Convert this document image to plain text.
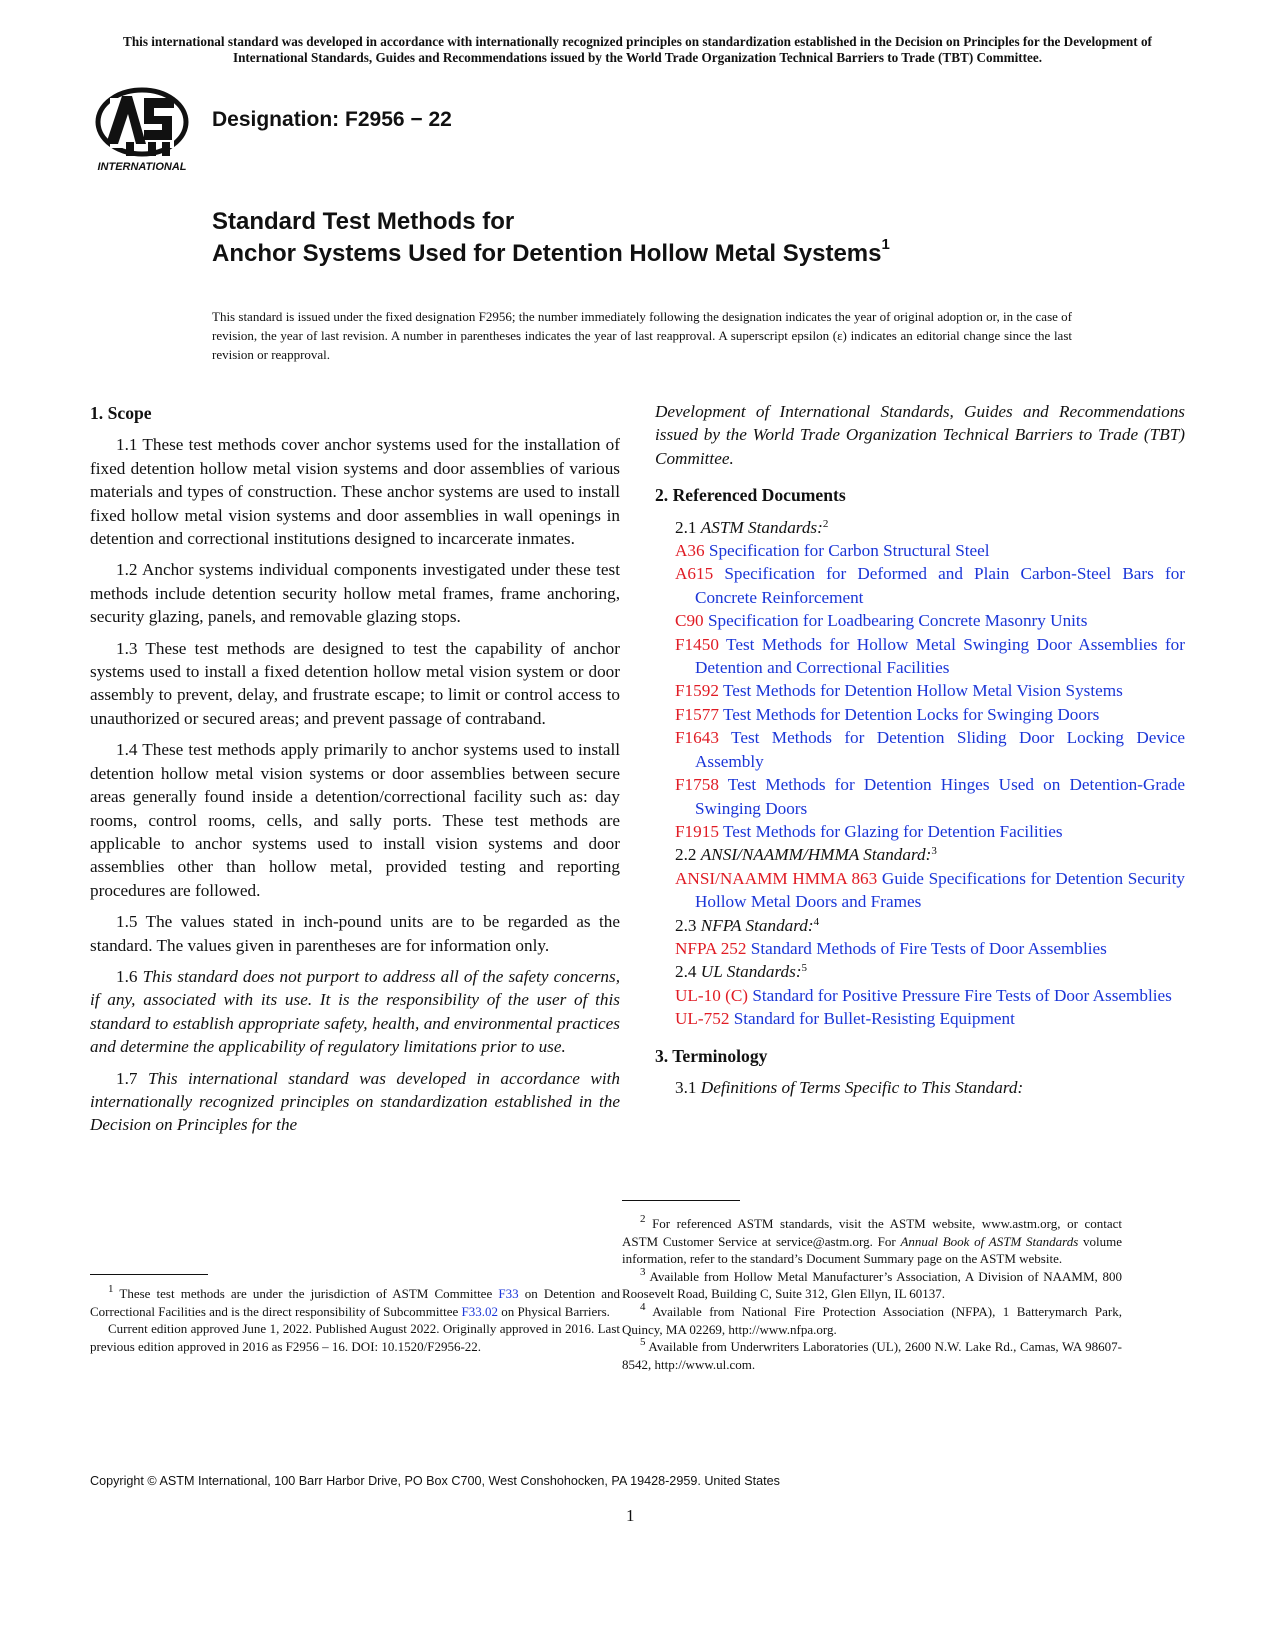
This international standard was developed in accordance with internationally recognized principles on standardization established in the Decision on Principles for the Development of International Standards, Guides and Recommendations issued by the World Trade Organization Technical Barriers to Trade (TBT) Committee.
INTERNATIONAL
Designation: F2956 − 22
Standard Test Methods for
Anchor Systems Used for Detention Hollow Metal Systems$^1$
This standard is issued under the fixed designation F2956; the number immediately following the designation indicates the year of original adoption or, in the case of revision, the year of last revision. A number in parentheses indicates the year of last reapproval. A superscript epsilon (ε) indicates an editorial change since the last revision or reapproval.
1. Scope

1.1 These test methods cover anchor systems used for the installation of fixed detention hollow metal vision systems and door assemblies of various materials and types of construction. These anchor systems are used to install fixed hollow metal vision systems and door assemblies in wall openings in detention and correctional institutions designed to incarcerate inmates.

1.2 Anchor systems individual components investigated under these test methods include detention security hollow metal frames, frame anchoring, security glazing, panels, and removable glazing stops.

1.3 These test methods are designed to test the capability of anchor systems used to install a fixed detention hollow metal vision system or door assembly to prevent, delay, and frustrate escape; to limit or control access to unauthorized or secured areas; and prevent passage of contraband.

1.4 These test methods apply primarily to anchor systems used to install detention hollow metal vision systems or door assemblies between secure areas generally found inside a detention/correctional facility such as: day rooms, control rooms, cells, and sally ports. These test methods are applicable to anchor systems used to install vision systems and door assemblies other than hollow metal, provided testing and reporting procedures are followed.

1.5 The values stated in inch-pound units are to be regarded as the standard. The values given in parentheses are for information only.

1.6 This standard does not purport to address all of the safety concerns, if any, associated with its use. It is the responsibility of the user of this standard to establish appropriate safety, health, and environmental practices and determine the applicability of regulatory limitations prior to use.

1.7 This international standard was developed in accordance with internationally recognized principles on standardization established in the Decision on Principles for the

$^1$ These test methods are under the jurisdiction of ASTM Committee F33 on Detention and Correctional Facilities and is the direct responsibility of Subcommittee F33.02 on Physical Barriers.

Current edition approved June 1, 2022. Published August 2022. Originally approved in 2016. Last previous edition approved in 2016 as F2956 – 16. DOI: 10.1520/F2956-22.

Development of International Standards, Guides and Recommendations issued by the World Trade Organization Technical Barriers to Trade (TBT) Committee.

2. Referenced Documents
2.1 ASTM Standards:$^2$
A36 Specification for Carbon Structural Steel
A615 Specification for Deformed and Plain Carbon-Steel Bars for Concrete Reinforcement
C90 Specification for Loadbearing Concrete Masonry Units
F1450 Test Methods for Hollow Metal Swinging Door Assemblies for Detention and Correctional Facilities
F1592 Test Methods for Detention Hollow Metal Vision Systems
F1577 Test Methods for Detention Locks for Swinging Doors
F1643 Test Methods for Detention Sliding Door Locking Device Assembly
F1758 Test Methods for Detention Hinges Used on Detention-Grade Swinging Doors
F1915 Test Methods for Glazing for Detention Facilities
2.2 ANSI/NAAMM/HMMA Standard:$^3$
ANSI/NAAMM HMMA 863 Guide Specifications for Detention Security Hollow Metal Doors and Frames
2.3 NFPA Standard:$^4$
NFPA 252 Standard Methods of Fire Tests of Door Assemblies
2.4 UL Standards:$^5$
UL-10 (C) Standard for Positive Pressure Fire Tests of Door Assemblies
UL-752 Standard for Bullet-Resisting Equipment
3. Terminology
3.1 Definitions of Terms Specific to This Standard:

$^2$ For referenced ASTM standards, visit the ASTM website, www.astm.org, or contact ASTM Customer Service at service@astm.org. For Annual Book of ASTM Standards volume information, refer to the standard’s Document Summary page on the ASTM website.

$^3$ Available from Hollow Metal Manufacturer’s Association, A Division of NAAMM, 800 Roosevelt Road, Building C, Suite 312, Glen Ellyn, IL 60137.

$^4$ Available from National Fire Protection Association (NFPA), 1 Batterymarch Park, Quincy, MA 02269, http://www.nfpa.org.

$^5$ Available from Underwriters Laboratories (UL), 2600 N.W. Lake Rd., Camas, WA 98607-8542, http://www.ul.com.

Copyright © ASTM International, 100 Barr Harbor Drive, PO Box C700, West Conshohocken, PA 19428-2959. United States
1
